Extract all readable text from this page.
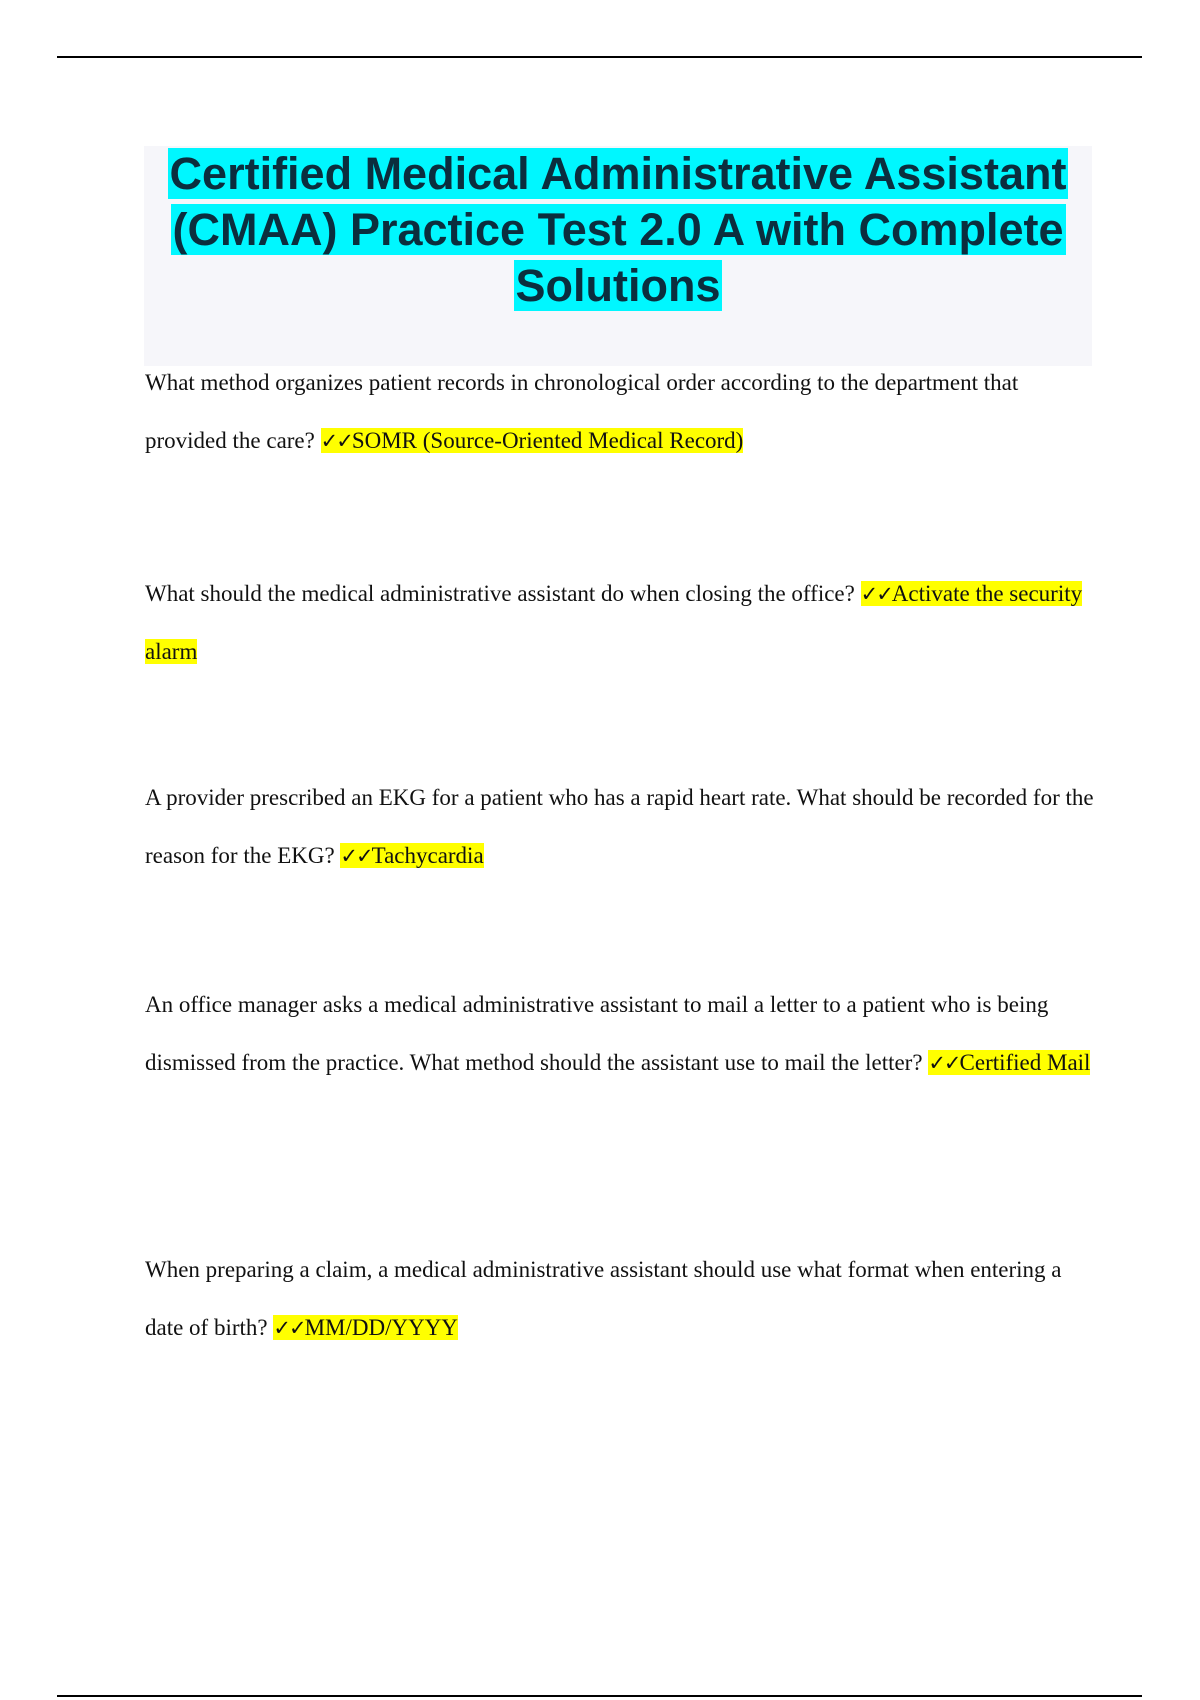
Certified Medical Administrative Assistant (CMAA) Practice Test 2.0 A with Complete Solutions

What method organizes patient records in chronological order according to the department that provided the care? ✓✓SOMR (Source-Oriented Medical Record)

What should the medical administrative assistant do when closing the office? ✓✓Activate the security alarm

A provider prescribed an EKG for a patient who has a rapid heart rate. What should be recorded for the reason for the EKG? ✓✓Tachycardia

An office manager asks a medical administrative assistant to mail a letter to a patient who is being dismissed from the practice. What method should the assistant use to mail the letter? ✓✓Certified Mail

When preparing a claim, a medical administrative assistant should use what format when entering a date of birth? ✓✓MM/DD/YYYY
